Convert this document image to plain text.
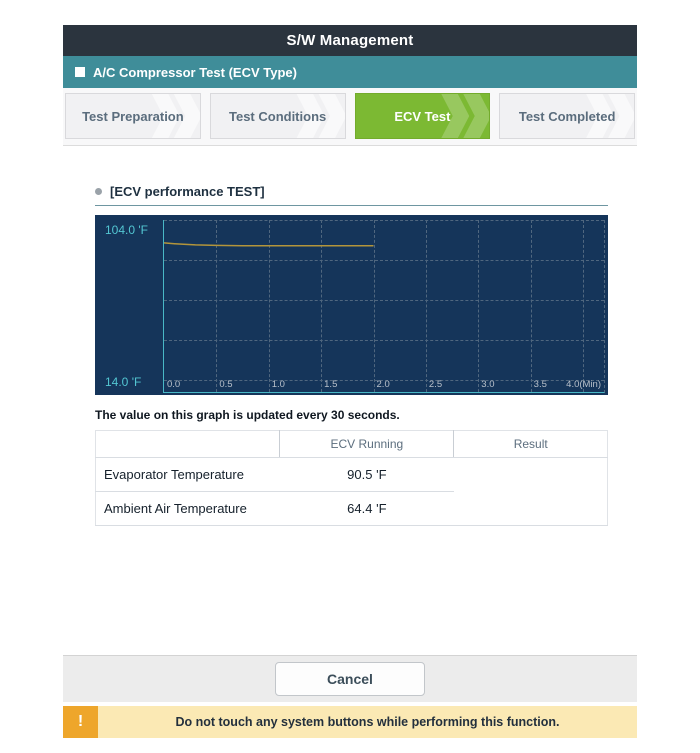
S/W Management
A/C Compressor Test (ECV Type)
Test Preparation	Test Conditions	ECV Test	Test Completed
[ECV performance TEST]
104.0 'F
14.0 'F	0.0	0.5	1.0	1.5	2.0	2.5	3.0	3.5 4.0(Min)
The value on this graph is updated every 30 seconds.
	ECV Running	Result
Evaporator Temperature	90.5 'F	
Ambient Air Temperature	64.4 'F	
Cancel
!	Do not touch any system buttons while performing this function.
